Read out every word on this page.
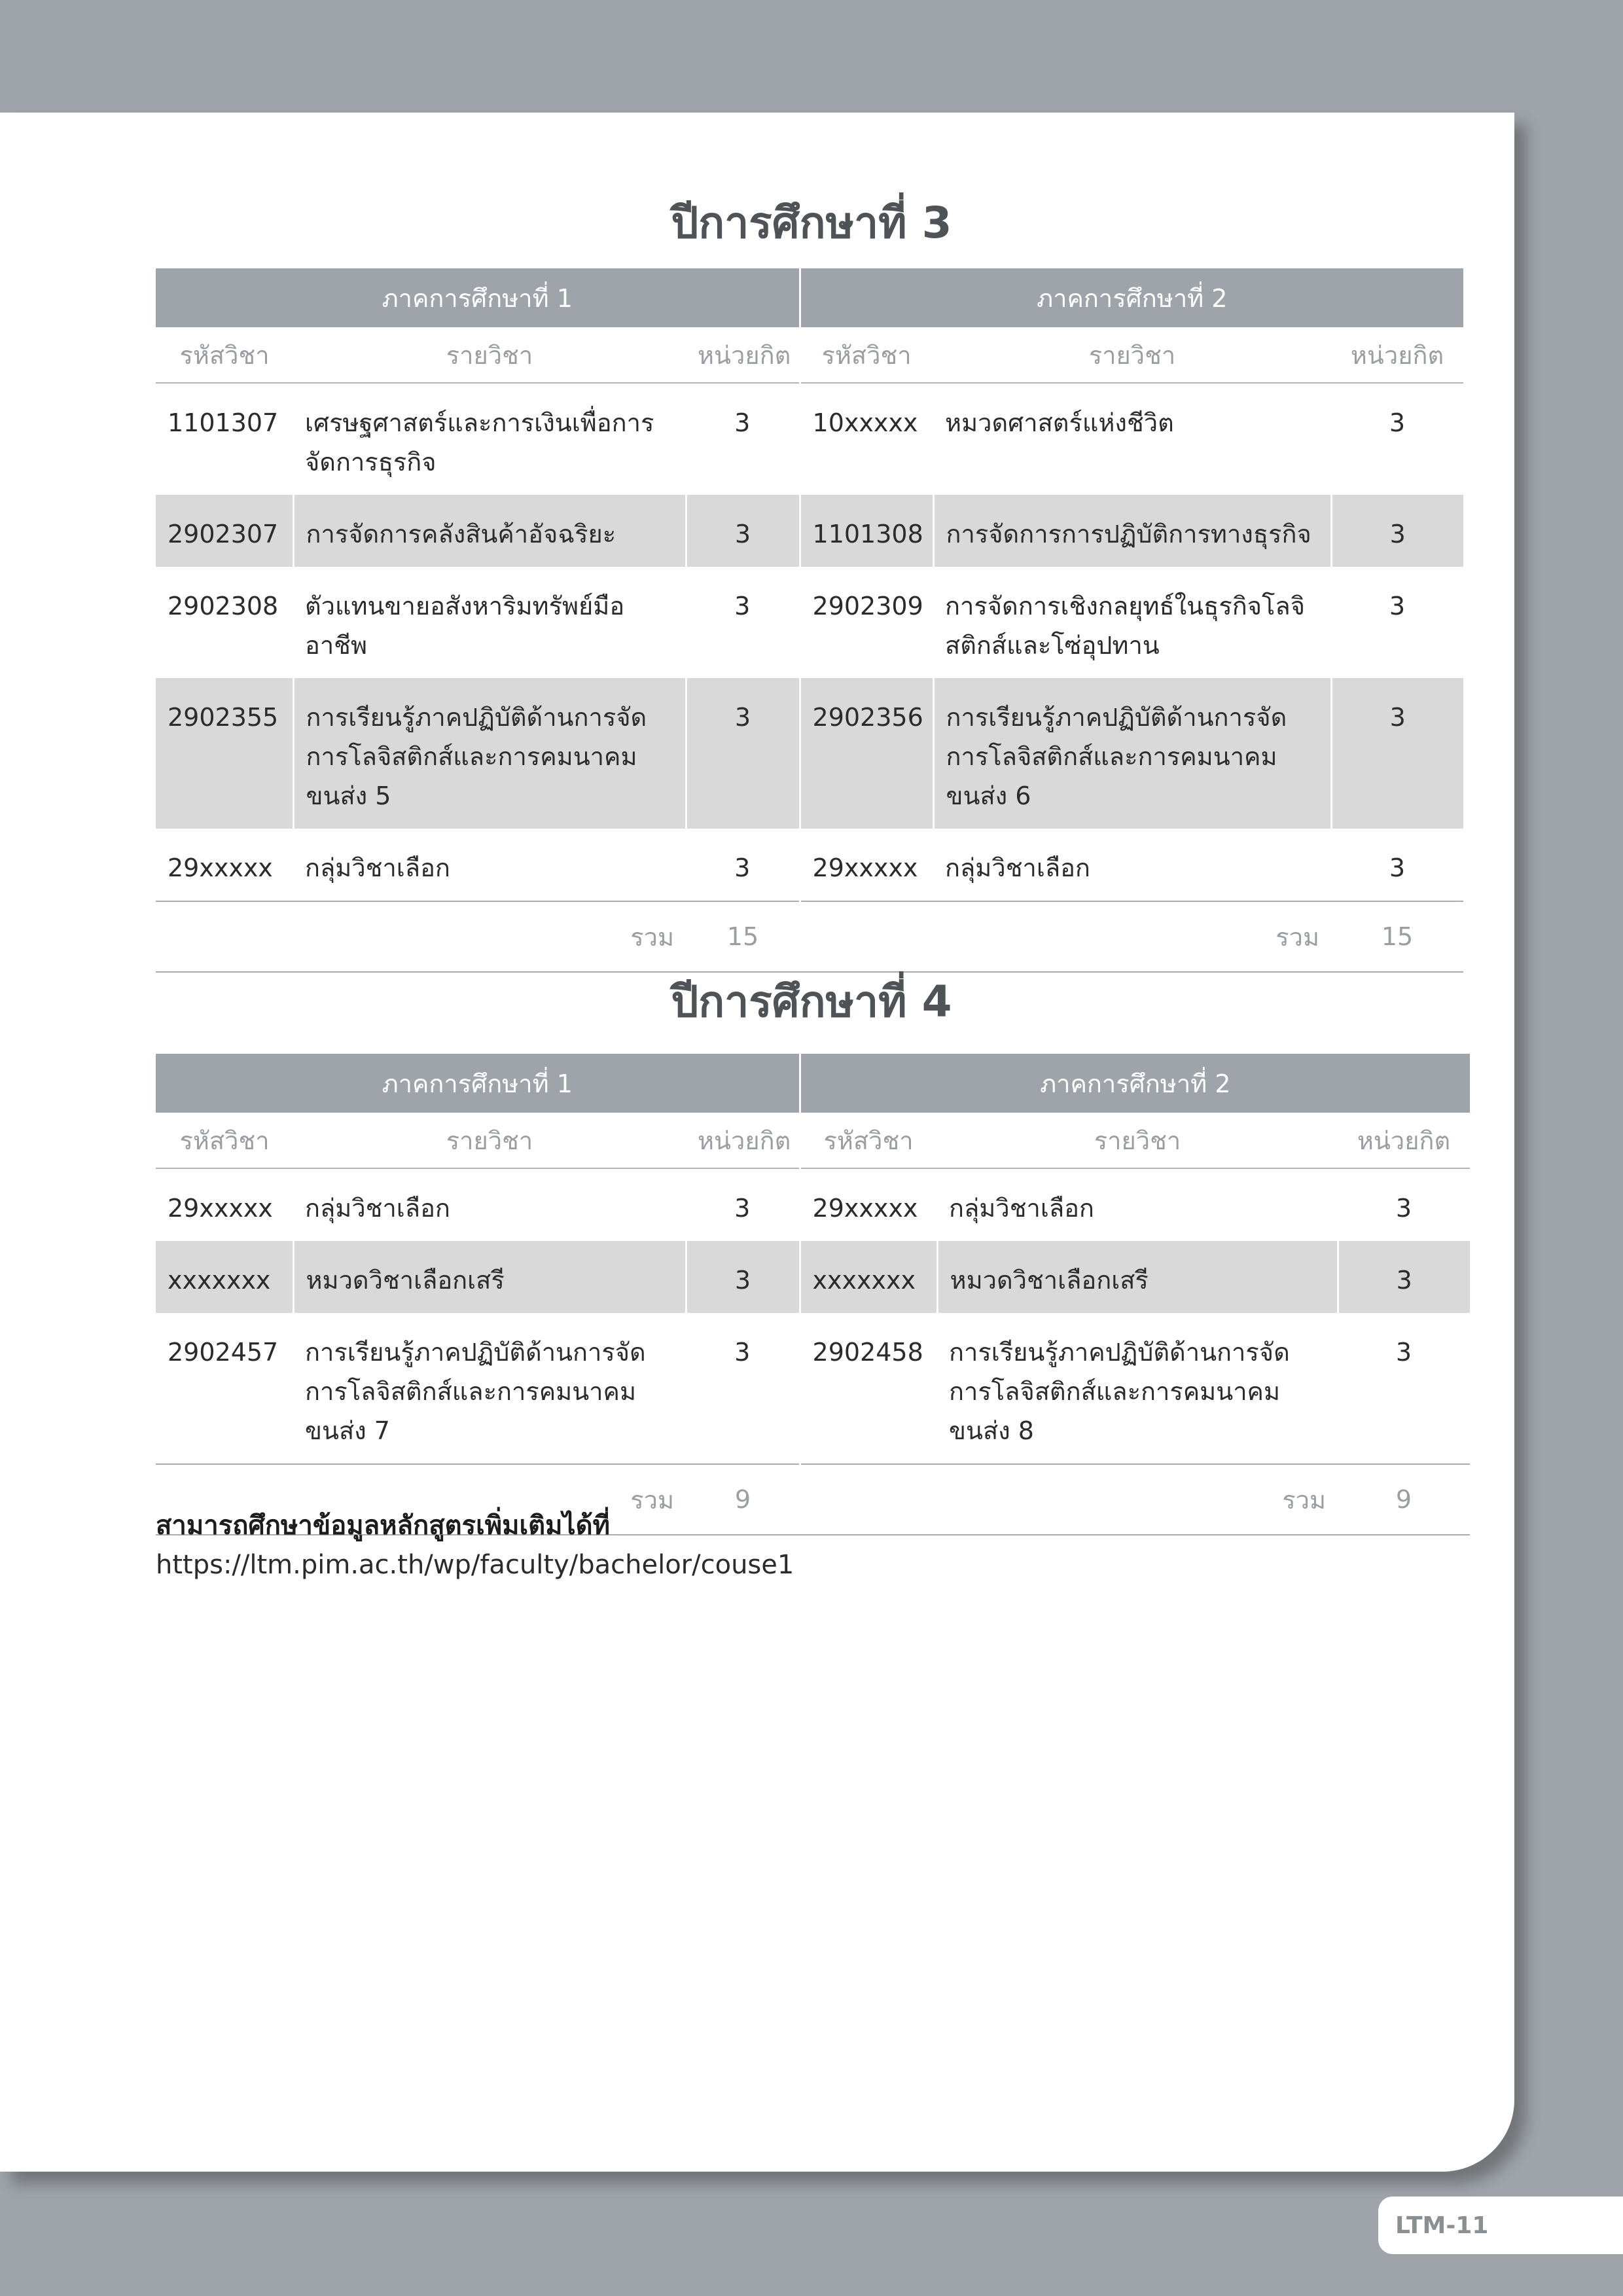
ปีการศึกษาที่ 3
ภาคการศึกษาที่ 1			ภาคการศึกษาที่ 2		
รหัสวิชา	รายวิชา	หน่วยกิต	รหัสวิชา	รายวิชา	หน่วยกิต
1101307	เศรษฐศาสตร์และการเงินเพื่อการจัดการธุรกิจ	3	10xxxxx	หมวดศาสตร์แห่งชีวิต	3
2902307	การจัดการคลังสินค้าอัจฉริยะ	3	1101308	การจัดการการปฏิบัติการทางธุรกิจ	3
2902308	ตัวแทนขายอสังหาริมทรัพย์มืออาชีพ	3	2902309	การจัดการเชิงกลยุทธ์ในธุรกิจโลจิสติกส์และโซ่อุปทาน	3
2902355	การเรียนรู้ภาคปฏิบัติด้านการจัดการโลจิสติกส์และการคมนาคมขนส่ง 5	3	2902356	การเรียนรู้ภาคปฏิบัติด้านการจัดการโลจิสติกส์และการคมนาคมขนส่ง 6	3
29xxxxx	กลุ่มวิชาเลือก	3	29xxxxx	กลุ่มวิชาเลือก	3
รวม		15	รวม		15
ปีการศึกษาที่ 4
ภาคการศึกษาที่ 1			ภาคการศึกษาที่ 2		
รหัสวิชา	รายวิชา	หน่วยกิต	รหัสวิชา	รายวิชา	หน่วยกิต
29xxxxx	กลุ่มวิชาเลือก	3	29xxxxx	กลุ่มวิชาเลือก	3
xxxxxxx	หมวดวิชาเลือกเสรี	3	xxxxxxx	หมวดวิชาเลือกเสรี	3
2902457	การเรียนรู้ภาคปฏิบัติด้านการจัดการโลจิสติกส์และการคมนาคมขนส่ง 7	3	2902458	การเรียนรู้ภาคปฏิบัติด้านการจัดการโลจิสติกส์และการคมนาคมขนส่ง 8	3
รวม		9	รวม		9

สามารถศึกษาข้อมูลหลักสูตรเพิ่มเติมได้ที่

https://ltm.pim.ac.th/wp/faculty/bachelor/couse1

LTM-11
